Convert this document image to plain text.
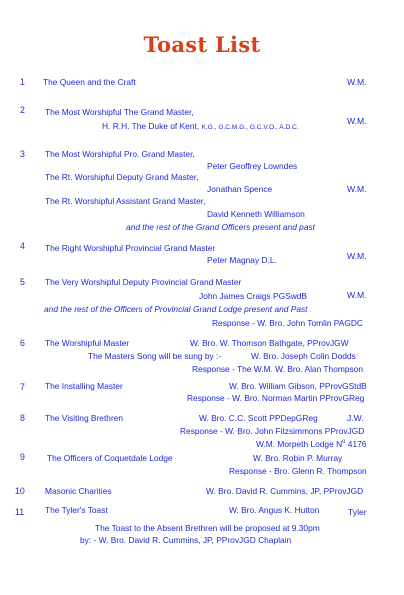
Toast List
1 The Queen and the Craft	W.M.
2 The Most Worshipful The Grand Master,
H. R.H. The Duke of Kent, K.G., G.C.M.G., G.C.V.O., A.D.C.
W.M.
3 The Most Worshipful Pro. Grand Master,
Peter Geoffrey Lowndes
The Rt. Worshipful Deputy Grand Master,
Jonathan Spence	W.M.
The Rt. Worshipful Assistant Grand Master,
David Kenneth Williamson
and the rest of the Grand Officers present and past
4 The Right Worshipful Provincial Grand Master
Peter Magnay D.L.	W.M.
5 The Very Worshipful Deputy Provincial Grand Master
John James Craigs PGSwdB	W.M.
and the rest of the Officers of Provincial Grand Lodge present and Past
Response - W. Bro. John Tomlin PAGDC
6 The Worshipful Master	W. Bro. W. Thomson Bathgate, PProvJGW
The Masters Song will be sung by :-	W. Bro. Joseph Colin Dodds
Response - The W.M. W. Bro. Alan Thompson
7 The Installing Master	W. Bro. William Gibson, PProvGStdB
Response - W. Bro. Norman Martin PProvGReg
8 The Visiting Brethren	W. Bro. C.C. Scott PPDepGReg	J.W.
Response - W. Bro. John Fitzsimmons PProvJGD
W.M. Morpeth Lodge $N^o$ 4176
9	The Officers of Coquetdale Lodge	W. Bro. Robin P. Murray
Response - Bro. Glenn R. Thompson
10 Masonic Charities	W. Bro. David R. Cummins, JP, PProvJGD
11 The Tyler's Toast	W. Bro. Angus K. Hutton	Tyler
The Toast to the Absent Brethren will be proposed at 9.30pm
by: - W. Bro. David R. Cummins, JP, PProvJGD Chaplain
